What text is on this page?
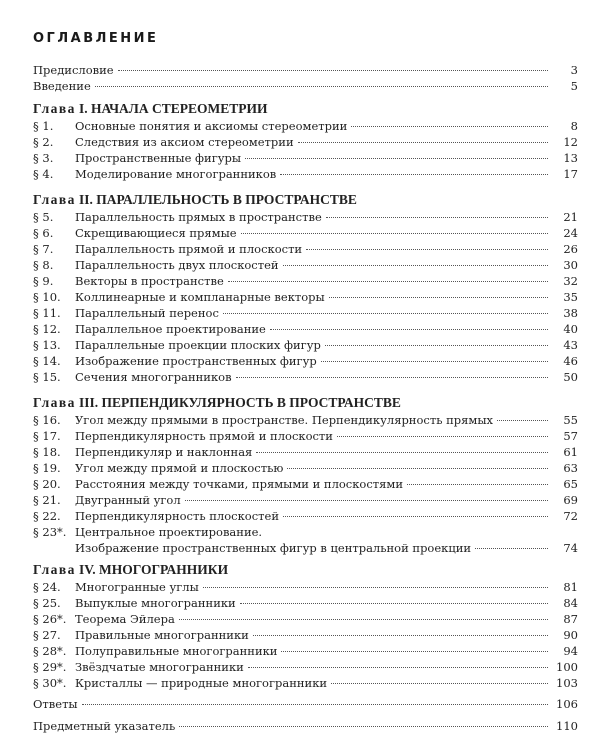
ОГЛАВЛЕНИЕ
Предисловие	3
Введение	5
Глава I. НАЧАЛА СТЕРЕОМЕТРИИ
§ 1.	Основные понятия и аксиомы стереометрии	8
§ 2.	Следствия из аксиом стереометрии	12
§ 3.	Пространственные фигуры	13
§ 4.	Моделирование многогранников	17
Глава II. ПАРАЛЛЕЛЬНОСТЬ В ПРОСТРАНСТВЕ
§ 5.	Параллельность прямых в пространстве	21
§ 6.	Скрещивающиеся прямые	24
§ 7.	Параллельность прямой и плоскости	26
§ 8.	Параллельность двух плоскостей	30
§ 9.	Векторы в пространстве	32
§ 10.	Коллинеарные и компланарные векторы	35
§ 11.	Параллельный перенос	38
§ 12.	Параллельное проектирование	40
§ 13.	Параллельные проекции плоских фигур	43
§ 14.	Изображение пространственных фигур	46
§ 15.	Сечения многогранников	50
Глава III. ПЕРПЕНДИКУЛЯРНОСТЬ В ПРОСТРАНСТВЕ
§ 16.	Угол между прямыми в пространстве. Перпендикулярность прямых	55
§ 17.	Перпендикулярность прямой и плоскости	57
§ 18.	Перпендикуляр и наклонная	61
§ 19.	Угол между прямой и плоскостью	63
§ 20.	Расстояния между точками, прямыми и плоскостями	65
§ 21.	Двугранный угол	69
§ 22.	Перпендикулярность плоскостей	72
§ 23*. Центральное проектирование.
Изображение пространственных фигур в центральной проекции	74
Глава IV. МНОГОГРАННИКИ
§ 24.	Многогранные углы	81
§ 25.	Выпуклые многогранники	84
§ 26*. Теорема Эйлера	87
§ 27.	Правильные многогранники	90
§ 28*. Полуправильные многогранники	94
§ 29*. Звёздчатые многогранники	100
§ 30*. Кристаллы — природные многогранники	103
Ответы	106
Предметный указатель	110
